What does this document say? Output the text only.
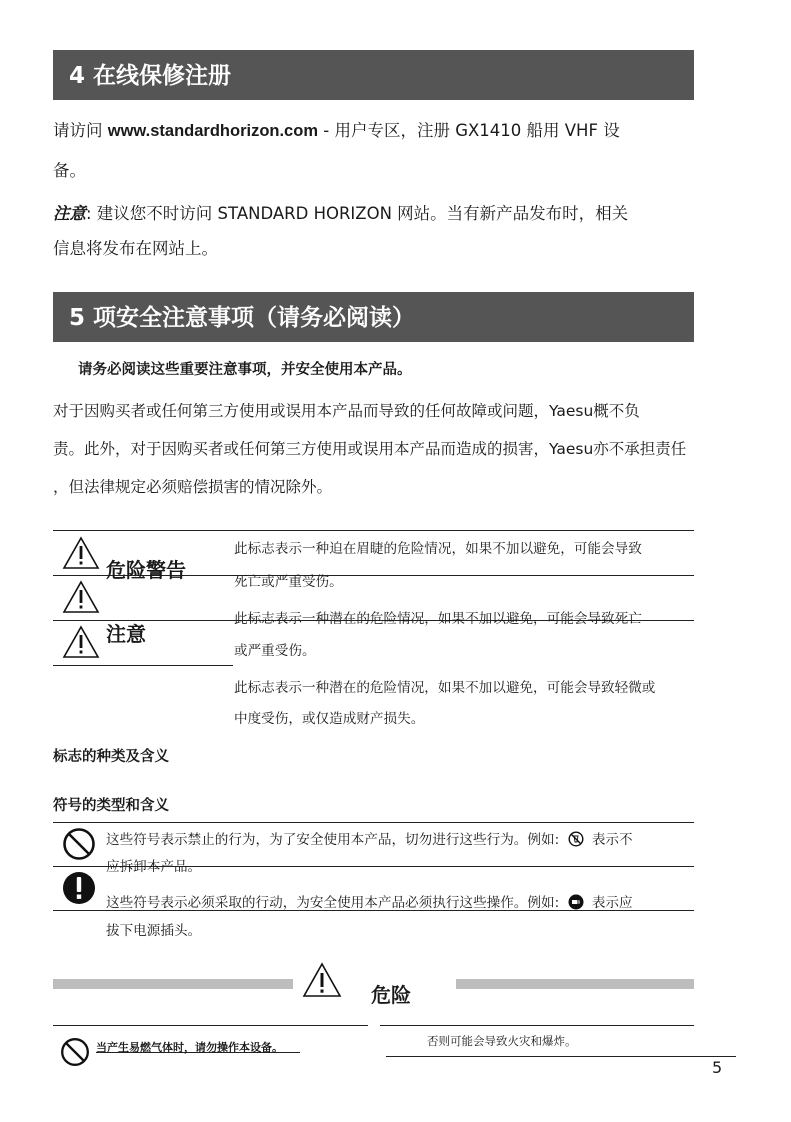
4 在线保修注册
请访问 www.standardhorizon.com - 用户专区，注册 GX1410 船用 VHF 设
备。
注意: 建议您不时访问 STANDARD HORIZON 网站。当有新产品发布时，相关
信息将发布在网站上。
5 项安全注意事项（请务必阅读）
请务必阅读这些重要注意事项，并安全使用本产品。
对于因购买者或任何第三方使用或误用本产品而导致的任何故障或问题，Yaesu概不负
责。此外，对于因购买者或任何第三方使用或误用本产品而造成的损害，Yaesu亦不承担责任
，但法律规定必须赔偿损害的情况除外。
危险警告
注意
此标志表示一种迫在眉睫的危险情况，如果不加以避免，可能会导致
死亡或严重受伤。
此标志表示一种潜在的危险情况，如果不加以避免，可能会导致死亡
或严重受伤。
此标志表示一种潜在的危险情况，如果不加以避免，可能会导致轻微或
中度受伤，或仅造成财产损失。
标志的种类及含义
符号的类型和含义
这些符号表示禁止的行为，为了安全使用本产品，切勿进行这些行为。例如: 表示不
应拆卸本产品。
这些符号表示必须采取的行动，为安全使用本产品必须执行这些操作。例如: 表示应
拔下电源插头。
危险
当产生易燃气体时，请勿操作本设备。	否则可能会导致火灾和爆炸。
5
